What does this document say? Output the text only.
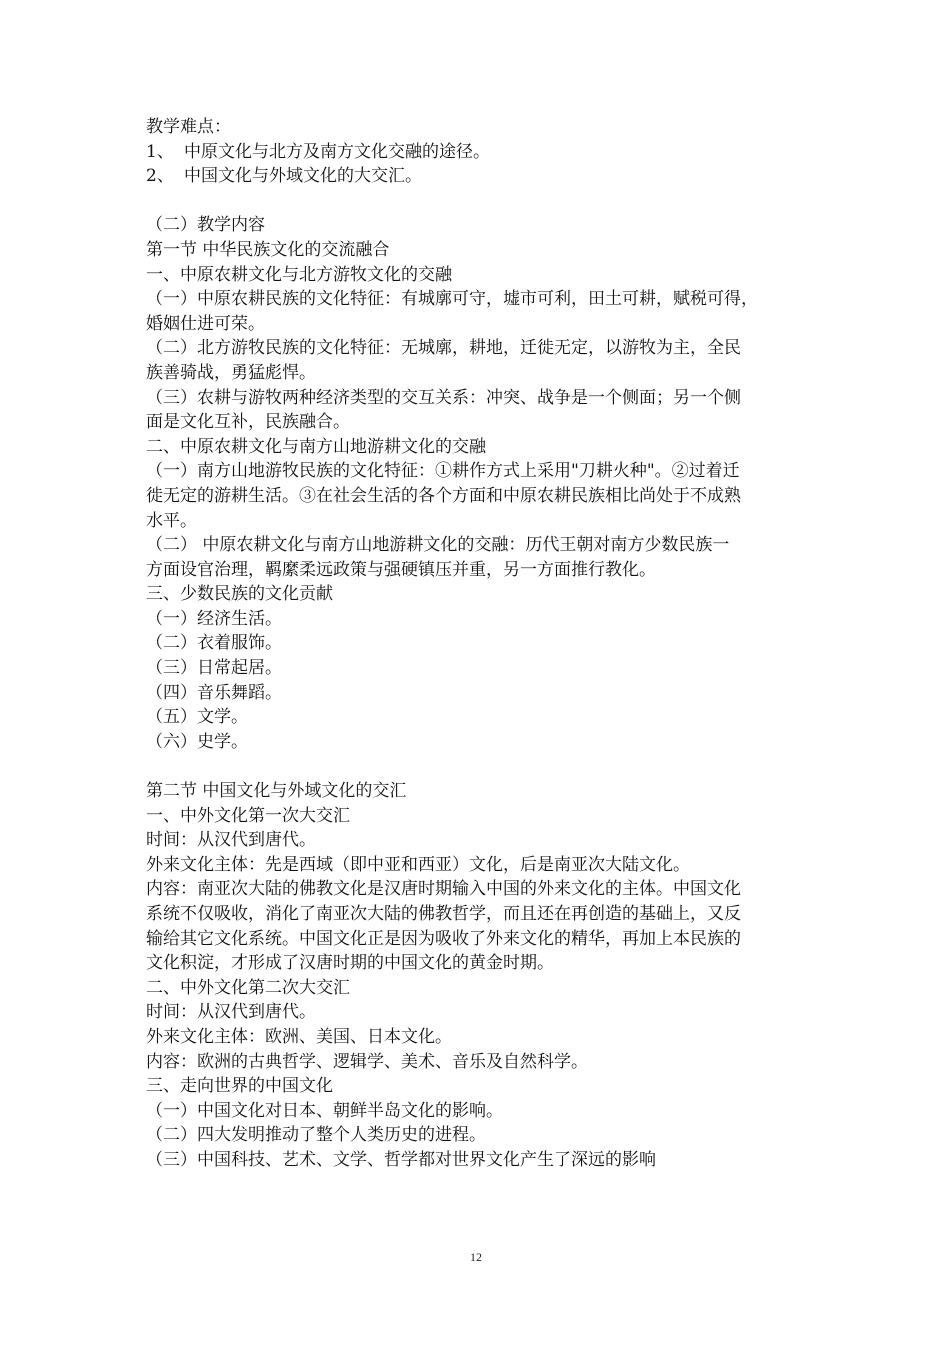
教学难点：
1、 中原文化与北方及南方文化交融的途径。
2、 中国文化与外域文化的大交汇。
（二）教学内容
第一节 中华民族文化的交流融合
一、中原农耕文化与北方游牧文化的交融
（一）中原农耕民族的文化特征：有城廓可守，墟市可利，田土可耕，赋税可得，
婚姻仕进可荣。
（二）北方游牧民族的文化特征：无城廓，耕地，迁徙无定，以游牧为主，全民
族善骑战，勇猛彪悍。
（三）农耕与游牧两种经济类型的交互关系：冲突、战争是一个侧面；另一个侧
面是文化互补，民族融合。
二、中原农耕文化与南方山地游耕文化的交融
（一）南方山地游牧民族的文化特征：①耕作方式上采用"刀耕火种"。②过着迁
徙无定的游耕生活。③在社会生活的各个方面和中原农耕民族相比尚处于不成熟
水平。
（二） 中原农耕文化与南方山地游耕文化的交融：历代王朝对南方少数民族一
方面设官治理，羁縻柔远政策与强硬镇压并重，另一方面推行教化。
三、少数民族的文化贡献
（一）经济生活。
（二）衣着服饰。
（三）日常起居。
（四）音乐舞蹈。
（五）文学。
（六）史学。
第二节 中国文化与外域文化的交汇
一、中外文化第一次大交汇
时间：从汉代到唐代。
外来文化主体：先是西域（即中亚和西亚）文化，后是南亚次大陆文化。
内容：南亚次大陆的佛教文化是汉唐时期输入中国的外来文化的主体。中国文化
系统不仅吸收，消化了南亚次大陆的佛教哲学，而且还在再创造的基础上，又反
输给其它文化系统。中国文化正是因为吸收了外来文化的精华，再加上本民族的
文化积淀，才形成了汉唐时期的中国文化的黄金时期。
二、中外文化第二次大交汇
时间：从汉代到唐代。
外来文化主体：欧洲、美国、日本文化。
内容：欧洲的古典哲学、逻辑学、美术、音乐及自然科学。
三、走向世界的中国文化
（一）中国文化对日本、朝鲜半岛文化的影响。
（二）四大发明推动了整个人类历史的进程。
（三）中国科技、艺术、文学、哲学都对世界文化产生了深远的影响
12
